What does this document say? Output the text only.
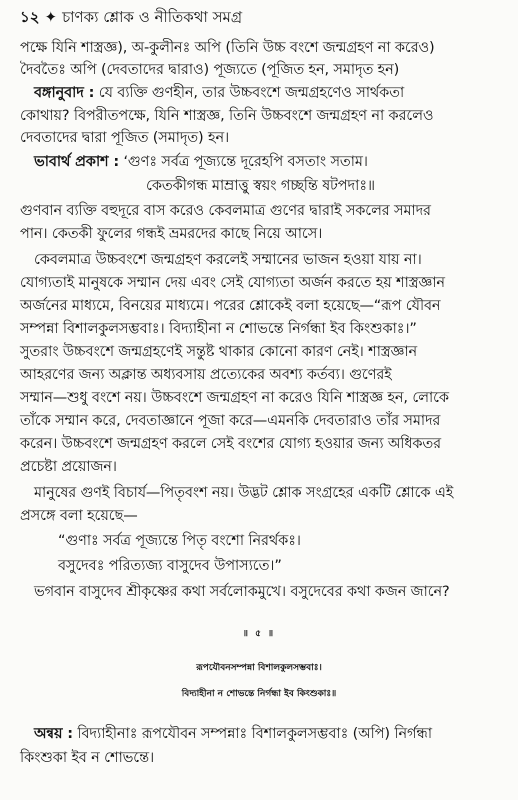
১২ ✦ চাণক্য শ্লোক ও নীতিকথা সমগ্র
পক্ষে যিনি শাস্ত্রজ্ঞ), অ-কুলীনঃ অপি (তিনি উচ্চ বংশে জন্মগ্রহণ না করেও)
দৈবতৈঃ অপি (দেবতাদের দ্বারাও) পূজ্যতে (পূজিত হন, সমাদৃত হন)
বঙ্গানুবাদ : যে ব্যক্তি গুণহীন, তার উচ্চবংশে জন্মগ্রহণেও সার্থকতা
কোথায়? বিপরীতপক্ষে, যিনি শাস্ত্রজ্ঞ, তিনি উচ্চবংশে জন্মগ্রহণ না করলেও
দেবতাদের দ্বারা পূজিত (সমাদৃত) হন।
ভাবার্থ প্রকাশ : ‘গুণঃ সর্বত্র পূজ্যন্তে দূরেহপি বসতাং সতাম।
কেতকীগন্ধ মাম্রাত্তু স্বয়ং গচ্ছন্তি ষটপদাঃ॥
গুণবান ব্যক্তি বহুদূরে বাস করেও কেবলমাত্র গুণের দ্বারাই সকলের সমাদর
পান। কেতকী ফুলের গন্ধই ভ্রমরদের কাছে নিয়ে আসে।
কেবলমাত্র উচ্চবংশে জন্মগ্রহণ করলেই সম্মানের ভাজন হওয়া যায় না।
যোগ্যতাই মানুষকে সম্মান দেয় এবং সেই যোগ্যতা অর্জন করতে হয় শাস্ত্রজ্ঞান
অর্জনের মাধ্যমে, বিনয়ের মাধ্যমে। পরের শ্লোকেই বলা হয়েছে—“রূপ যৌবন
সম্পন্না বিশালকুলসম্ভবাঃ। বিদ্যাহীনা ন শোভন্তে নির্গন্ধা ইব কিংশুকাঃ।”
সুতরাং উচ্চবংশে জন্মগ্রহণেই সন্তুষ্ট থাকার কোনো কারণ নেই। শাস্ত্রজ্ঞান
আহরণের জন্য অক্লান্ত অধ্যবসায় প্রত্যেকের অবশ্য কর্তব্য। গুণেরই
সম্মান—শুধু বংশে নয়। উচ্চবংশে জন্মগ্রহণ না করেও যিনি শাস্ত্রজ্ঞ হন, লোকে
তাঁকে সম্মান করে, দেবতাজ্ঞানে পূজা করে—এমনকি দেবতারাও তাঁর সমাদর
করেন। উচ্চবংশে জন্মগ্রহণ করলে সেই বংশের যোগ্য হওয়ার জন্য অধিকতর
প্রচেষ্টা প্রয়োজন।
মানুষের গুণই বিচার্য—পিতৃবংশ নয়। উদ্ভট শ্লোক সংগ্রহের একটি শ্লোকে এই
প্রসঙ্গে বলা হয়েছে—
“গুণাঃ সর্বত্র পূজ্যন্তে পিতৃ বংশো নিরর্থকঃ।
বসুদেবঃ পরিত্যজ্য বাসুদেব উপাস্যতে।”
ভগবান বাসুদেব শ্রীকৃষ্ণের কথা সর্বলোকমুখে। বসুদেবের কথা কজন জানে?
॥ ৫ ॥
রূপযৌবনসম্পন্না বিশালকুলসম্ভবাঃ।
বিদ্যাহীনা ন শোভন্তে নির্গন্ধা ইব কিংশুকাঃ॥
অন্বয় : বিদ্যাহীনাঃ রূপযৌবন সম্পন্নাঃ বিশালকুলসম্ভবাঃ (অপি) নির্গন্ধা
কিংশুকা ইব ন শোভন্তে।
